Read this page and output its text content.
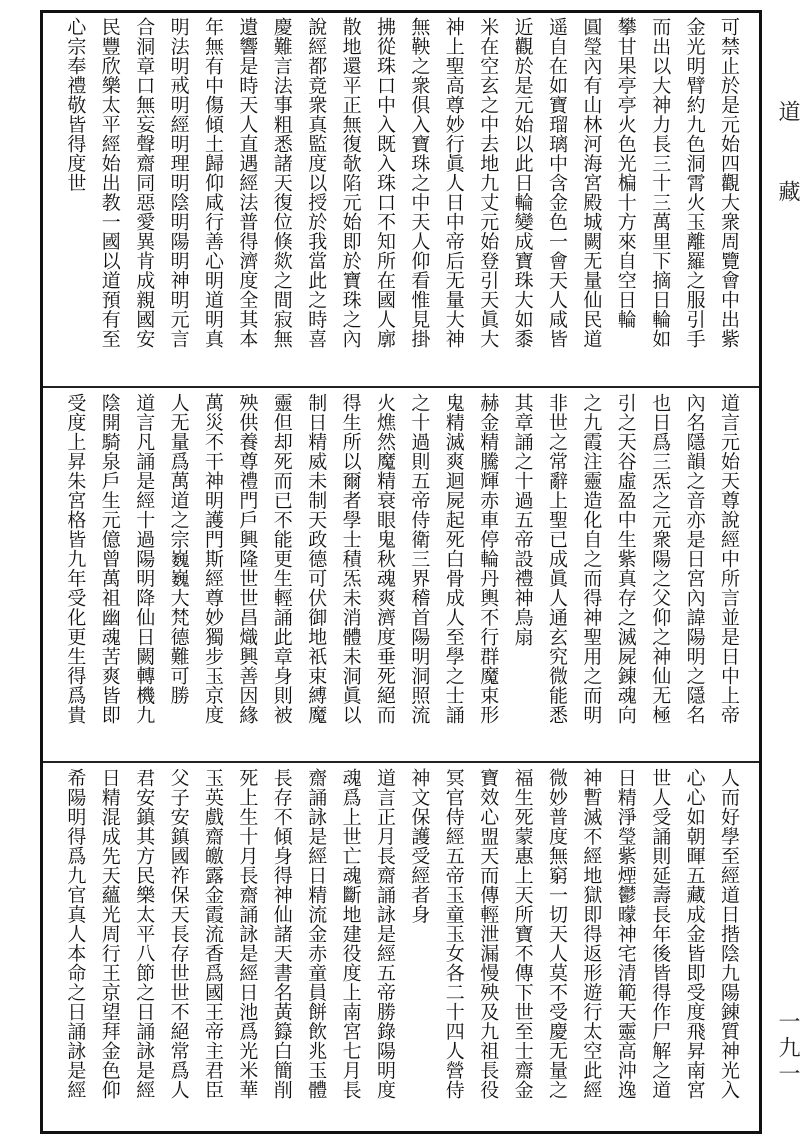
可禁止於是元始四觀大衆周覽會中出紫
金光明臂約九色洞霄火玉離羅之服引手
而出以大神力長三十三萬里下摘日輪如
攀甘果亭亭火色光楄十方來自空日輪
圓瑩內有山林河海宮殿城闕无量仙民道
遥自在如寶瑠璃中含金色一會天人咸皆
近觀於是元始以此日輪變成寶珠大如黍
米在空玄之中去地九丈元始登引天眞大
神上聖高尊妙行眞人日中帝后无量大神
無鞅之衆俱入寶珠之中天人仰看惟見掛
拂從珠口中入既入珠口不知所在國人廓
散地還平正無復欹陷元始即於寶珠之內
說經都竟衆真監度以授於我當此之時喜
慶難言法事粗悉諸天復位倏欻之間寂無
遺響是時天人直遇經法普得濟度全其本
年無有中傷傾土歸仰咸行善心明道明真
明法明戒明經明理明陰明陽明神明元言
合洞章口無妄聲齋同惡愛異肯成親國安
民豐欣樂太平經始出教一國以道預有至
心宗奉禮敬皆得度世
道言元始天尊說經中所言並是日中上帝
內名隱韻之音亦是日宮內諱陽明之隱名
也日爲三炁之元衆陽之父仰之神仙无極
引之天谷虛盈中生紫真存之滅屍錬魂向
之九霞注靈造化自之而得神聖用之而明
非世之常辭上聖已成眞人通玄究微能悉
其章誦之十過五帝設禮神鳥扇
赫金精騰輝赤車停輪丹輿不行群魔束形
鬼精滅爽迴屍起死白骨成人至學之士誦
之十過則五帝侍衛三界稽首陽明洞照流
火燋然魔精衰眼鬼秋魂爽濟度垂死絕而
得生所以爾者學士積炁未消體未洞眞以
制日精威未制天政德可伏御地祇束縛魔
靈但却死而已不能更生輕誦此章身則被
殃供養尊禮門戶興隆世世昌熾興善因緣
萬災不干神明護門斯經尊妙獨步玉京度
人无量爲萬道之宗巍巍大梵德難可勝
道言凡誦是經十過陽明降仙日闕轉機九
陰開騎泉戶生元億曾萬祖幽魂苦爽皆即
受度上昇朱宮格皆九年受化更生得爲貴
人而好學至經道日揩陰九陽錬質神光入
心心如朝暉五藏成金皆即受度飛昇南宮
世人受誦則延壽長年後皆得作尸解之道
日精淨瑩紫煙鬱曚神宅清範天靈高沖逸
神暫滅不經地獄即得返形遊行太空此經
微妙普度無窮一切天人莫不受慶无量之
福生死蒙惠上天所寶不傳下世至士齋金
寶效心盟天而傳輕泄漏慢殃及九祖長役
冥官侍經五帝玉童玉女各二十四人營侍
神文保護受經者身
道言正月長齋誦詠是經五帝勝錄陽明度
魂爲上世亡魂斷地建役度上南宮七月長
齋誦詠是經日精流金赤童員餅飲兆玉體
長存不傾身得神仙諸天書名黃籙白簡削
死上生十月長齋誦詠是經日池爲光米華
玉英戲齋皦露金霞流香爲國王帝主君臣
父子安鎮國祚保天長存世世不絕常爲人
君安鎮其方民樂太平八節之日誦詠是經
日精混成先天蘊光周行王京望拜金色仰
希陽明得爲九官真人本命之日誦詠是經
道藏
一九一
